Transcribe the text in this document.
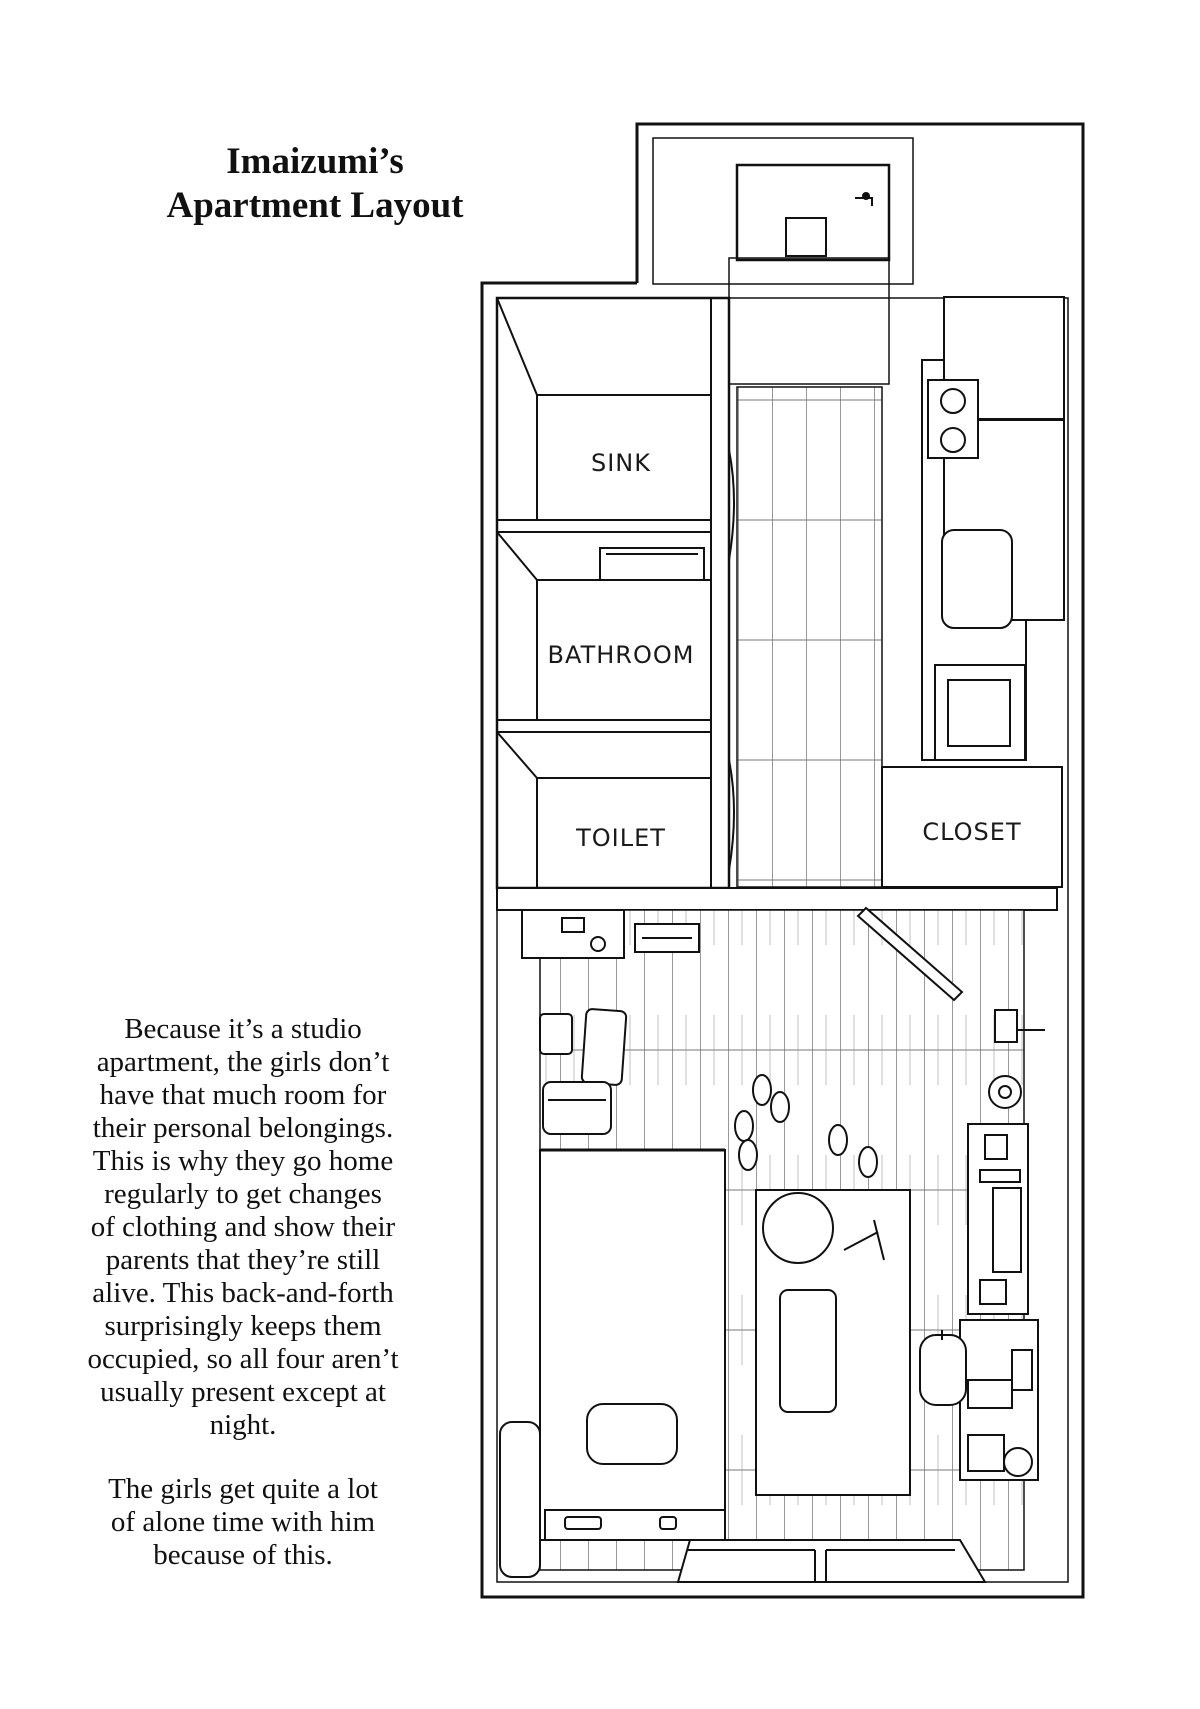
Imaizumi’s
Apartment Layout
SINK
BATHROOM
TOILET	CLOSET

Because it’s a studio
apartment, the girls don’t
have that much room for
their personal belongings.
This is why they go home
regularly to get changes
of clothing and show their
parents that they’re still
alive. This back-and-forth
surprisingly keeps them
occupied, so all four aren’t
usually present except at
night.

The girls get quite a lot
of alone time with him
because of this.
